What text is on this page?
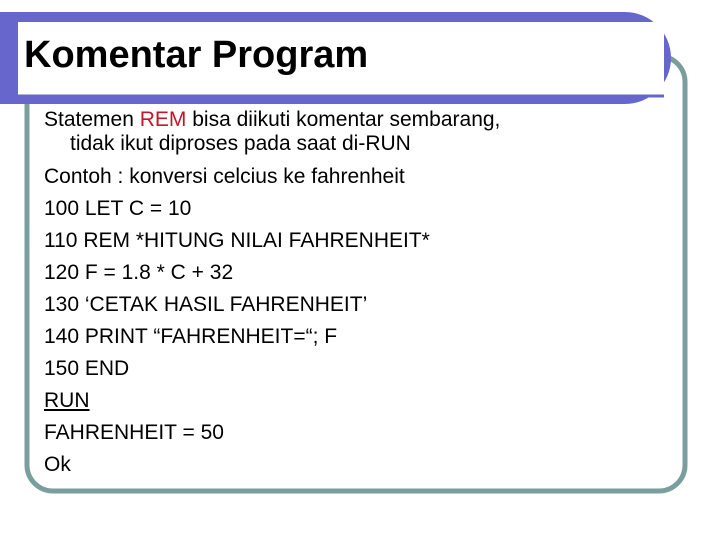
Komentar Program
Statemen REM bisa diikuti komentar sembarang,
tidak ikut diproses pada saat di-RUN
Contoh : konversi celcius ke fahrenheit
100 LET C = 10
110 REM *HITUNG NILAI FAHRENHEIT*
120 F = 1.8 * C + 32
130 ‘CETAK HASIL FAHRENHEIT’
140 PRINT “FAHRENHEIT=“; F
150 END
RUN
FAHRENHEIT = 50
Ok
